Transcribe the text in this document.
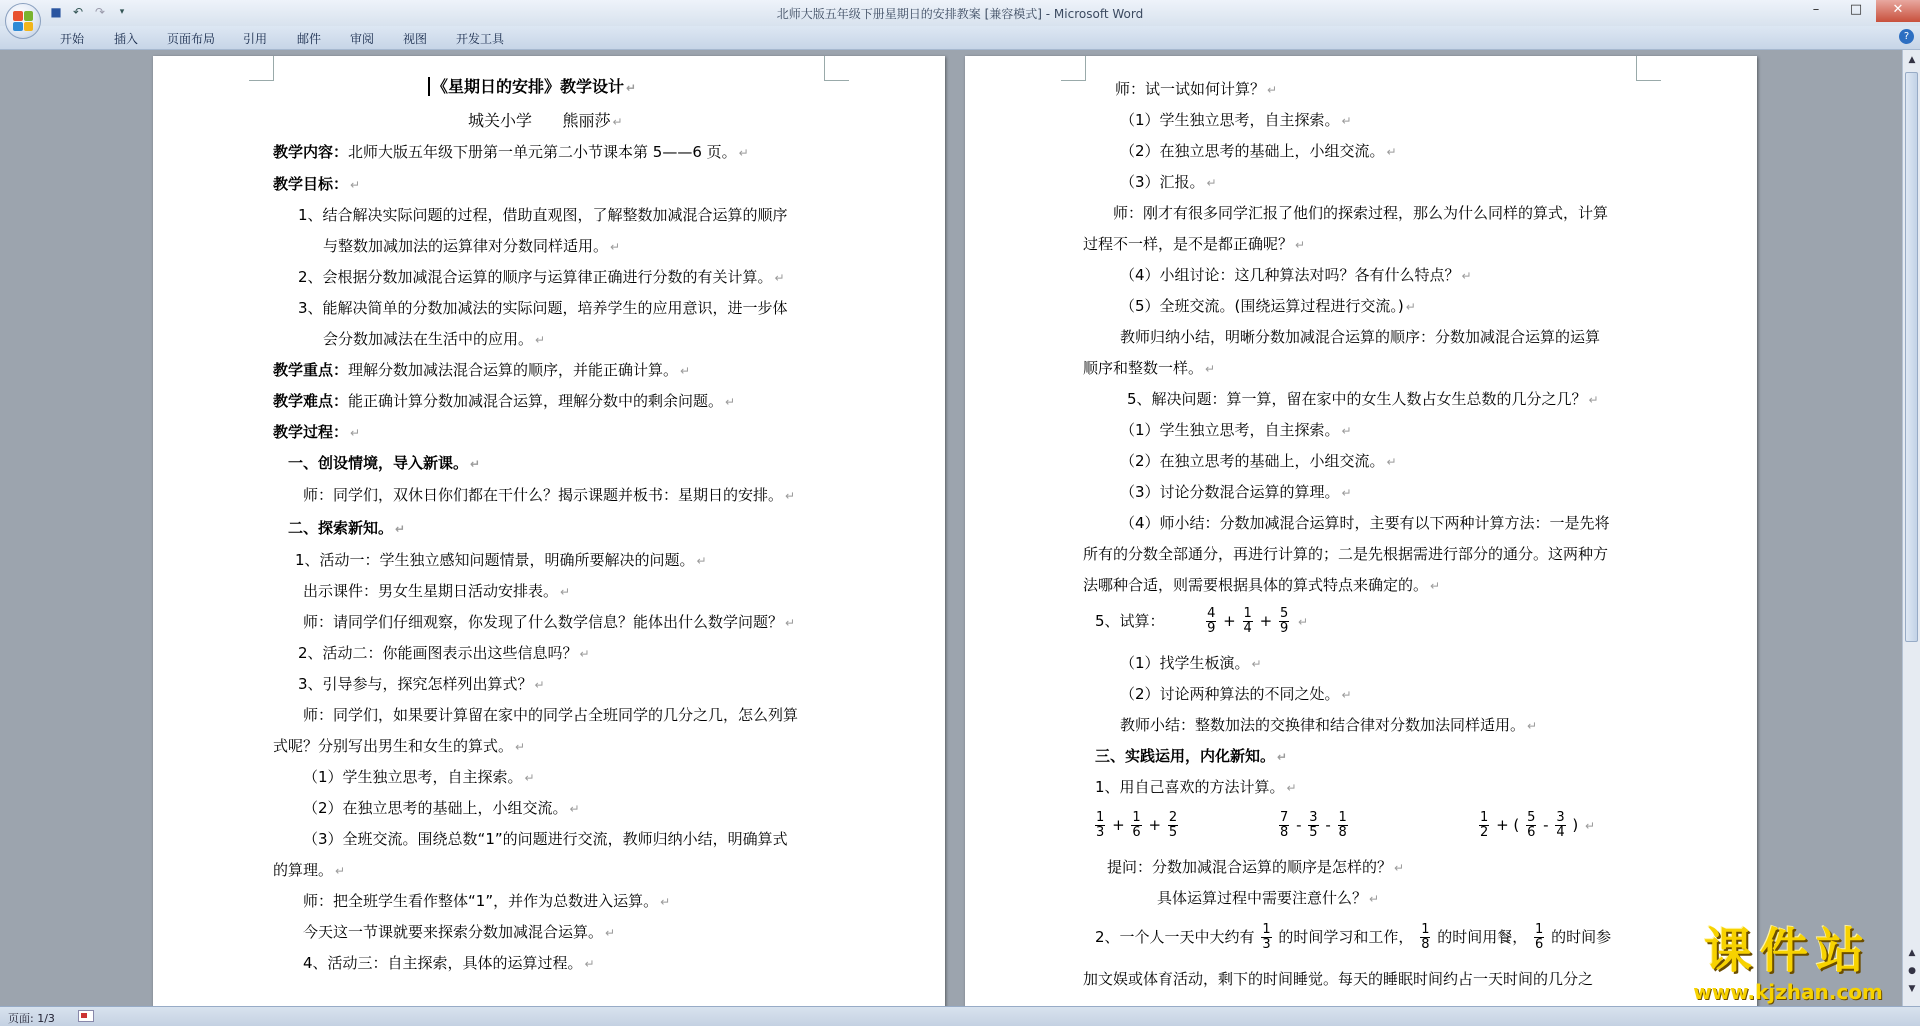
■ ↶ ↷	▾	北师大版五年级下册星期日的安排教案 [兼容模式] - Microsoft Word	–	□	✕
开始 插入 页面布局 引用 邮件 审阅 视图 开发工具	?
《星期日的安排》教学设计 ↵
城关小学      熊丽莎 ↵
教学内容：北师大版五年级下册第一单元第二小节课本第 5——6 页。 ↵
教学目标： ↵
1、结合解决实际问题的过程，借助直观图，了解整数加减混合运算的顺序
与整数加减加法的运算律对分数同样适用。 ↵
2、会根据分数加减混合运算的顺序与运算律正确进行分数的有关计算。 ↵
3、能解决简单的分数加减法的实际问题，培养学生的应用意识，进一步体
会分数加减法在生活中的应用。 ↵
教学重点：理解分数加减法混合运算的顺序，并能正确计算。 ↵
教学难点：能正确计算分数加减混合运算，理解分数中的剩余问题。 ↵
教学过程： ↵
一、创设情境，导入新课。 ↵
师：同学们，双休日你们都在干什么？揭示课题并板书：星期日的安排。 ↵
二、探索新知。 ↵
1、活动一：学生独立感知问题情景，明确所要解决的问题。 ↵
出示课件：男女生星期日活动安排表。 ↵
师：请同学们仔细观察，你发现了什么数学信息？能体出什么数学问题？ ↵
2、活动二：你能画图表示出这些信息吗？ ↵
3、引导参与，探究怎样列出算式？ ↵
师：同学们，如果要计算留在家中的同学占全班同学的几分之几，怎么列算
式呢？分别写出男生和女生的算式。 ↵
（1）学生独立思考，自主探索。 ↵
（2）在独立思考的基础上，小组交流。 ↵
（3）全班交流。围绕总数“1”的问题进行交流，教师归纳小结，明确算式
的算理。 ↵
师：把全班学生看作整体“1”，并作为总数进入运算。 ↵
今天这一节课就要来探索分数加减混合运算。 ↵
4、活动三：自主探索，具体的运算过程。 ↵
师：试一试如何计算？ ↵
（1）学生独立思考，自主探索。 ↵
（2）在独立思考的基础上，小组交流。 ↵
（3）汇报。 ↵
师：刚才有很多同学汇报了他们的探索过程，那么为什么同样的算式，计算
过程不一样，是不是都正确呢？ ↵
（4）小组讨论：这几种算法对吗？各有什么特点？ ↵
（5）全班交流。(围绕运算过程进行交流。) ↵
教师归纳小结，明晰分数加减混合运算的顺序：分数加减混合运算的运算
顺序和整数一样。 ↵
5、解决问题：算一算，留在家中的女生人数占女生总数的几分之几？ ↵
（1）学生独立思考，自主探索。 ↵
（2）在独立思考的基础上，小组交流。 ↵
（3）讨论分数混合运算的算理。 ↵
（4）师小结：分数加减混合运算时，主要有以下两种计算方法：一是先将
所有的分数全部通分，再进行计算的；二是先根据需进行部分的通分。这两种方
法哪种合适，则需要根据具体的算式特点来确定的。 ↵
5、试算：	$\frac{4}{9} + \frac{1}{4} + \frac{5}{9}$ ↵
（1）找学生板演。 ↵
（2）讨论两种算法的不同之处。 ↵
教师小结：整数加法的交换律和结合律对分数加法同样适用。 ↵
三、实践运用，内化新知。 ↵
1、用自己喜欢的方法计算。 ↵
$\frac{1}{3} + \frac{1}{6} + \frac{2}{5}$	$\frac{7}{8} - \frac{3}{5} - \frac{1}{8}$	$\frac{1}{2}$ + ( $\frac{5}{6} - \frac{3}{4}$ ) ↵
提问：分数加减混合运算的顺序是怎样的？ ↵
具体运算过程中需要注意什么？ ↵
2、一个人一天中大约有 $\frac{1}{3}$ 的时间学习和工作， $\frac{1}{8}$ 的时间用餐， $\frac{1}{6}$ 的时间参
加文娱或体育活动，剩下的时间睡觉。每天的睡眠时间约占一天时间的几分之
▲
▲
●
▼
页面: 1/3
课件站
www.kjzhan.com
